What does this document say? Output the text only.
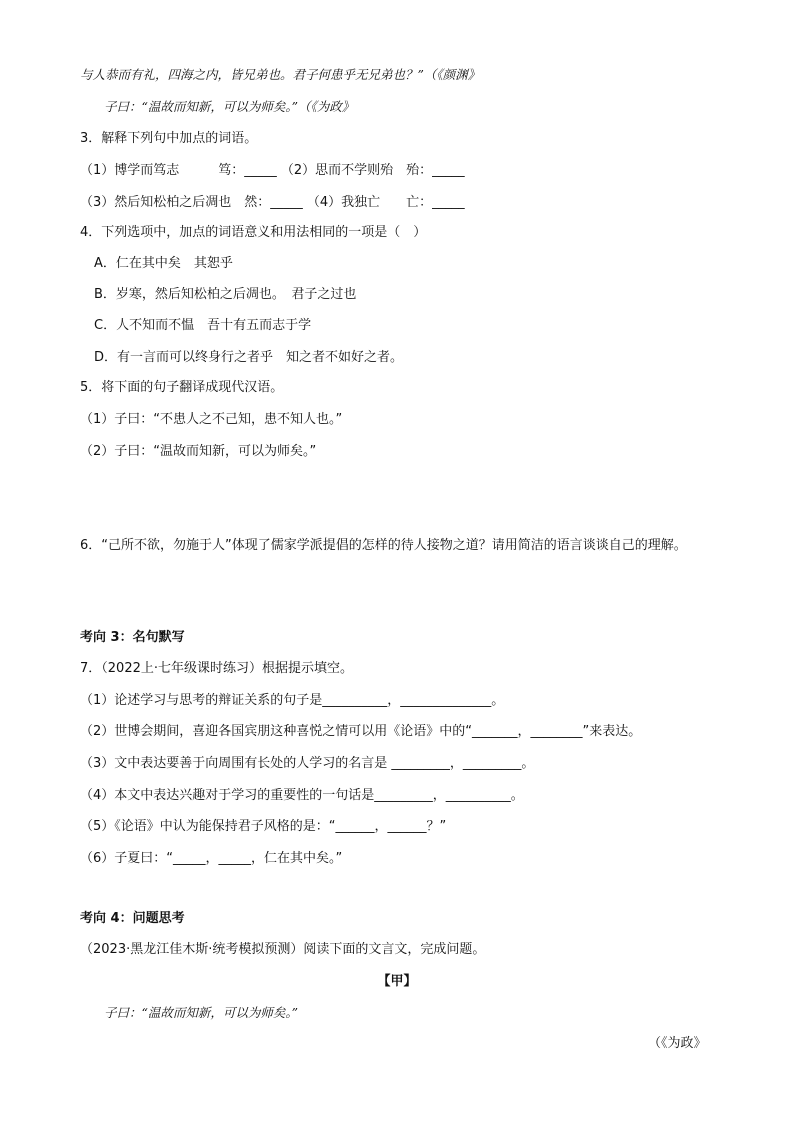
与人恭而有礼，四海之内，皆兄弟也。君子何患乎无兄弟也？”（《颜渊》
子曰：“温故而知新，可以为师矣。”（《为政》
3．解释下列句中加点的词语。
（1）博学而笃志　　　笃：_____ （2）思而不学则殆　殆：_____
（3）然后知松柏之后凋也　然：_____ （4）我独亡　　亡：_____
4．下列选项中，加点的词语意义和用法相同的一项是（　）
A．仁在其中矣　其恕乎
B．岁寒，然后知松柏之后凋也。　君子之过也
C．人不知而不愠　吾十有五而志于学
D．有一言而可以终身行之者乎　知之者不如好之者。
5．将下面的句子翻译成现代汉语。
（1）子曰：“不患人之不己知，患不知人也。”
（2）子曰：“温故而知新，可以为师矣。”
6．“己所不欲，勿施于人”体现了儒家学派提倡的怎样的待人接物之道？请用简洁的语言谈谈自己的理解。
考向 3：名句默写
7．（2022上·七年级课时练习）根据提示填空。
（1）论述学习与思考的辩证关系的句子是__________，______________。
（2）世博会期间，喜迎各国宾朋这种喜悦之情可以用《论语》中的“_______，________”来表达。
（3）文中表达要善于向周围有长处的人学习的名言是 _________，_________。
（4）本文中表达兴趣对于学习的重要性的一句话是_________，__________。
（5）《论语》中认为能保持君子风格的是：“______，______？”
（6）子夏曰：“_____，_____，仁在其中矣。”
考向 4：问题思考
（2023·黑龙江佳木斯·统考模拟预测）阅读下面的文言文，完成问题。
【甲】
子曰：“温故而知新，可以为师矣。”
（《为政》
